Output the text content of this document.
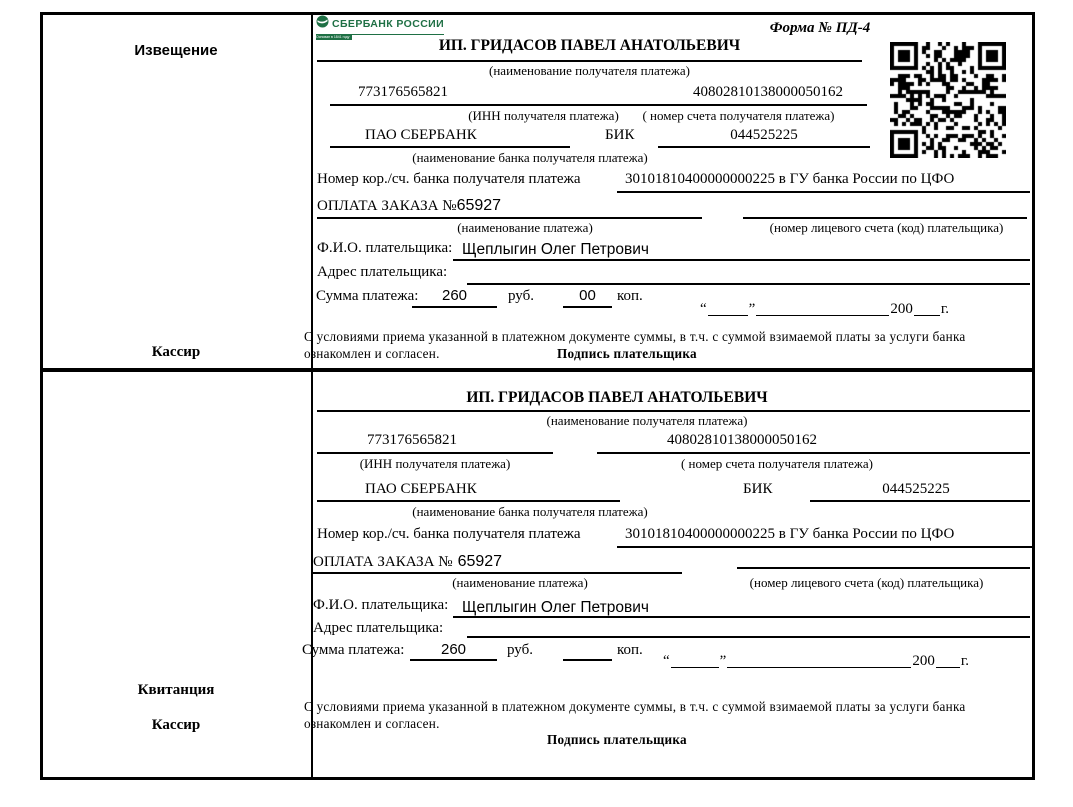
Извещение
Кассир
Квитанция
Кассир
СБЕРБАНК РОССИИ
Основан в 1841 году
Форма № ПД-4
ИП. ГРИДАСОВ ПАВЕЛ АНАТОЛЬЕВИЧ
(наименование получателя платежа)
773176565821	40802810138000050162
(ИНН получателя платежа)	( номер счета получателя платежа)
ПАО СБЕРБАНК	БИК	044525225
(наименование банка получателя платежа)
Номер кор./сч. банка получателя платежа	30101810400000000225 в ГУ банка России по ЦФО
ОПЛАТА ЗАКАЗА №65927
(наименование платежа)	(номер лицевого счета (код) плательщика)
Ф.И.О. плательщика: Щеплыгин Олег Петрович
Адрес плательщика:
Сумма платежа:	260	руб.	00	коп.
“	”	200 г.
С условиями приема указанной в платежном документе суммы, в т.ч. с суммой взимаемой платы за услуги банка
ознакомлен и согласен.	Подпись плательщика
ИП. ГРИДАСОВ ПАВЕЛ АНАТОЛЬЕВИЧ
(наименование получателя платежа)
773176565821	40802810138000050162
(ИНН получателя платежа)	( номер счета получателя платежа)
ПАО СБЕРБАНК	БИК	044525225
(наименование банка получателя платежа)
Номер кор./сч. банка получателя платежа	30101810400000000225 в ГУ банка России по ЦФО
ОПЛАТА ЗАКАЗА № 65927
(наименование платежа)	(номер лицевого счета (код) плательщика)
Ф.И.О. плательщика: Щеплыгин Олег Петрович
Адрес плательщика:
Сумма платежа:	260	руб.	коп.
“	”	200 г.
С условиями приема указанной в платежном документе суммы, в т.ч. с суммой взимаемой платы за услуги банка
ознакомлен и согласен.
Подпись плательщика
